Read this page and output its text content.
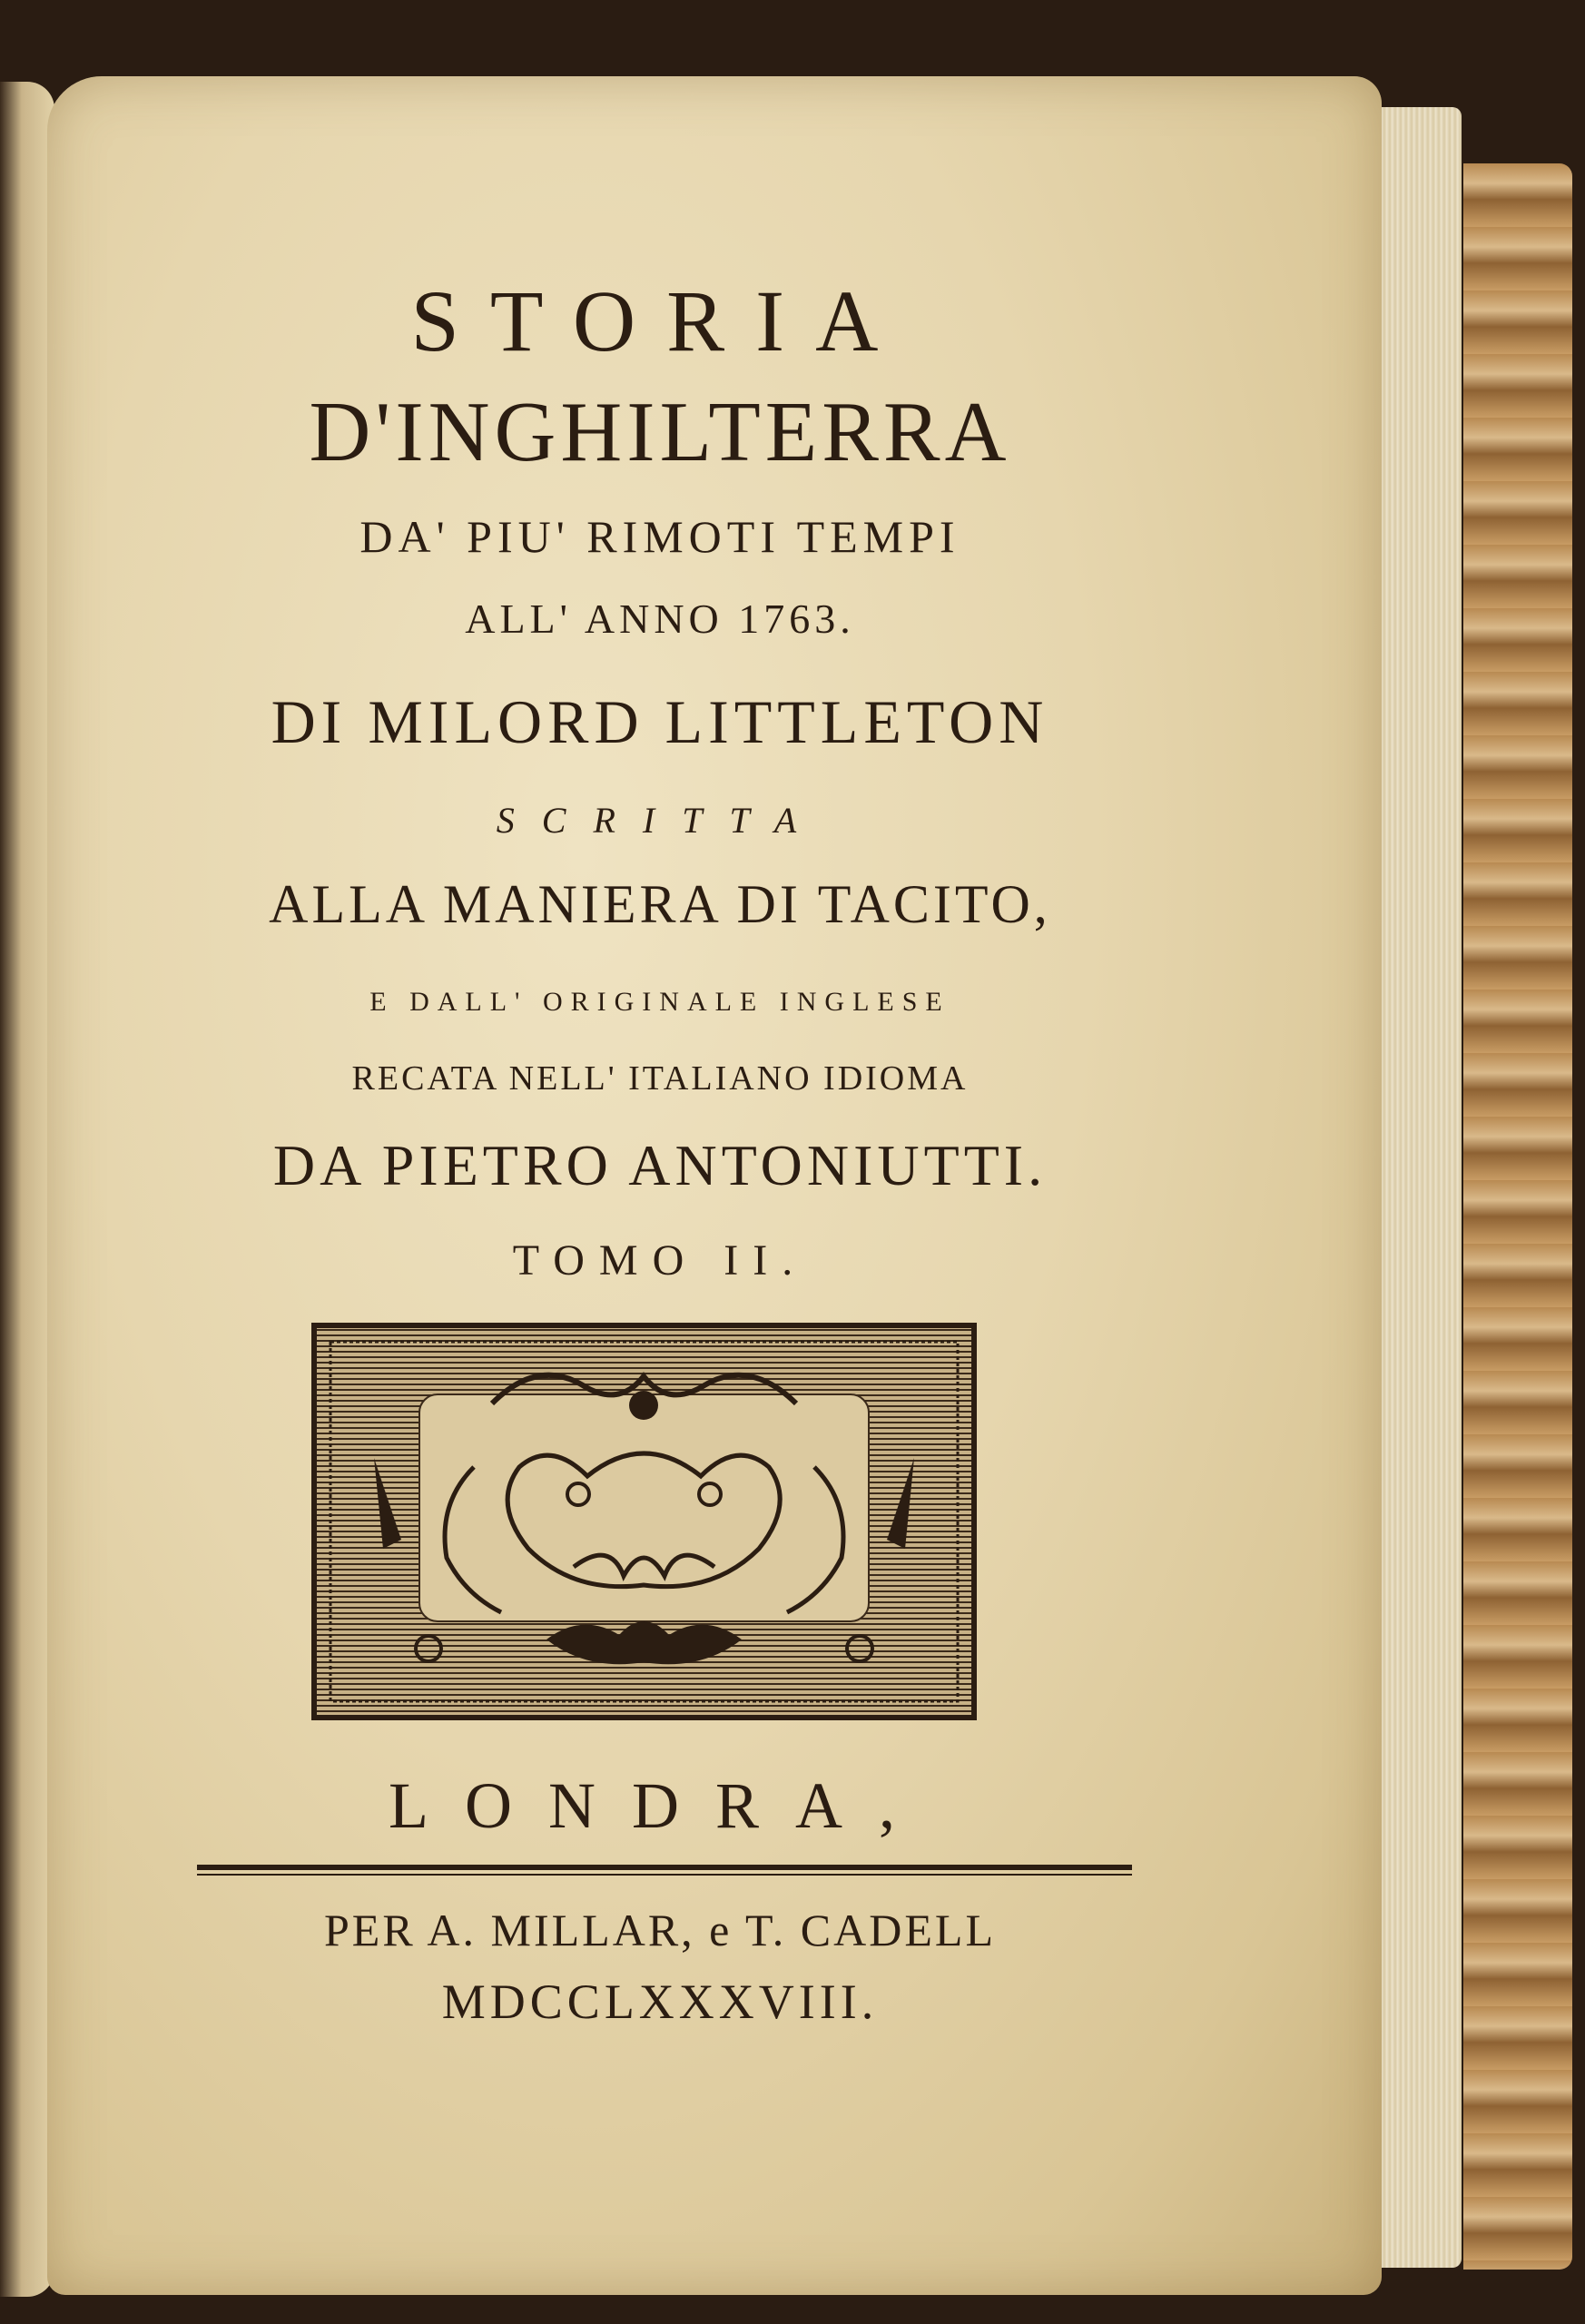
STORIA
D'INGHILTERRA
DA' PIU' RIMOTI TEMPI
ALL' ANNO 1763.
DI MILORD LITTLETON
SCRITTA
ALLA MANIERA DI TACITO,
E DALL' ORIGINALE INGLESE
RECATA NELL' ITALIANO IDIOMA
DA PIETRO ANTONIUTTI.
TOMO II.
LONDRA,
PER A. MILLAR, e T. CADELL
MDCCLXXXVIII.
